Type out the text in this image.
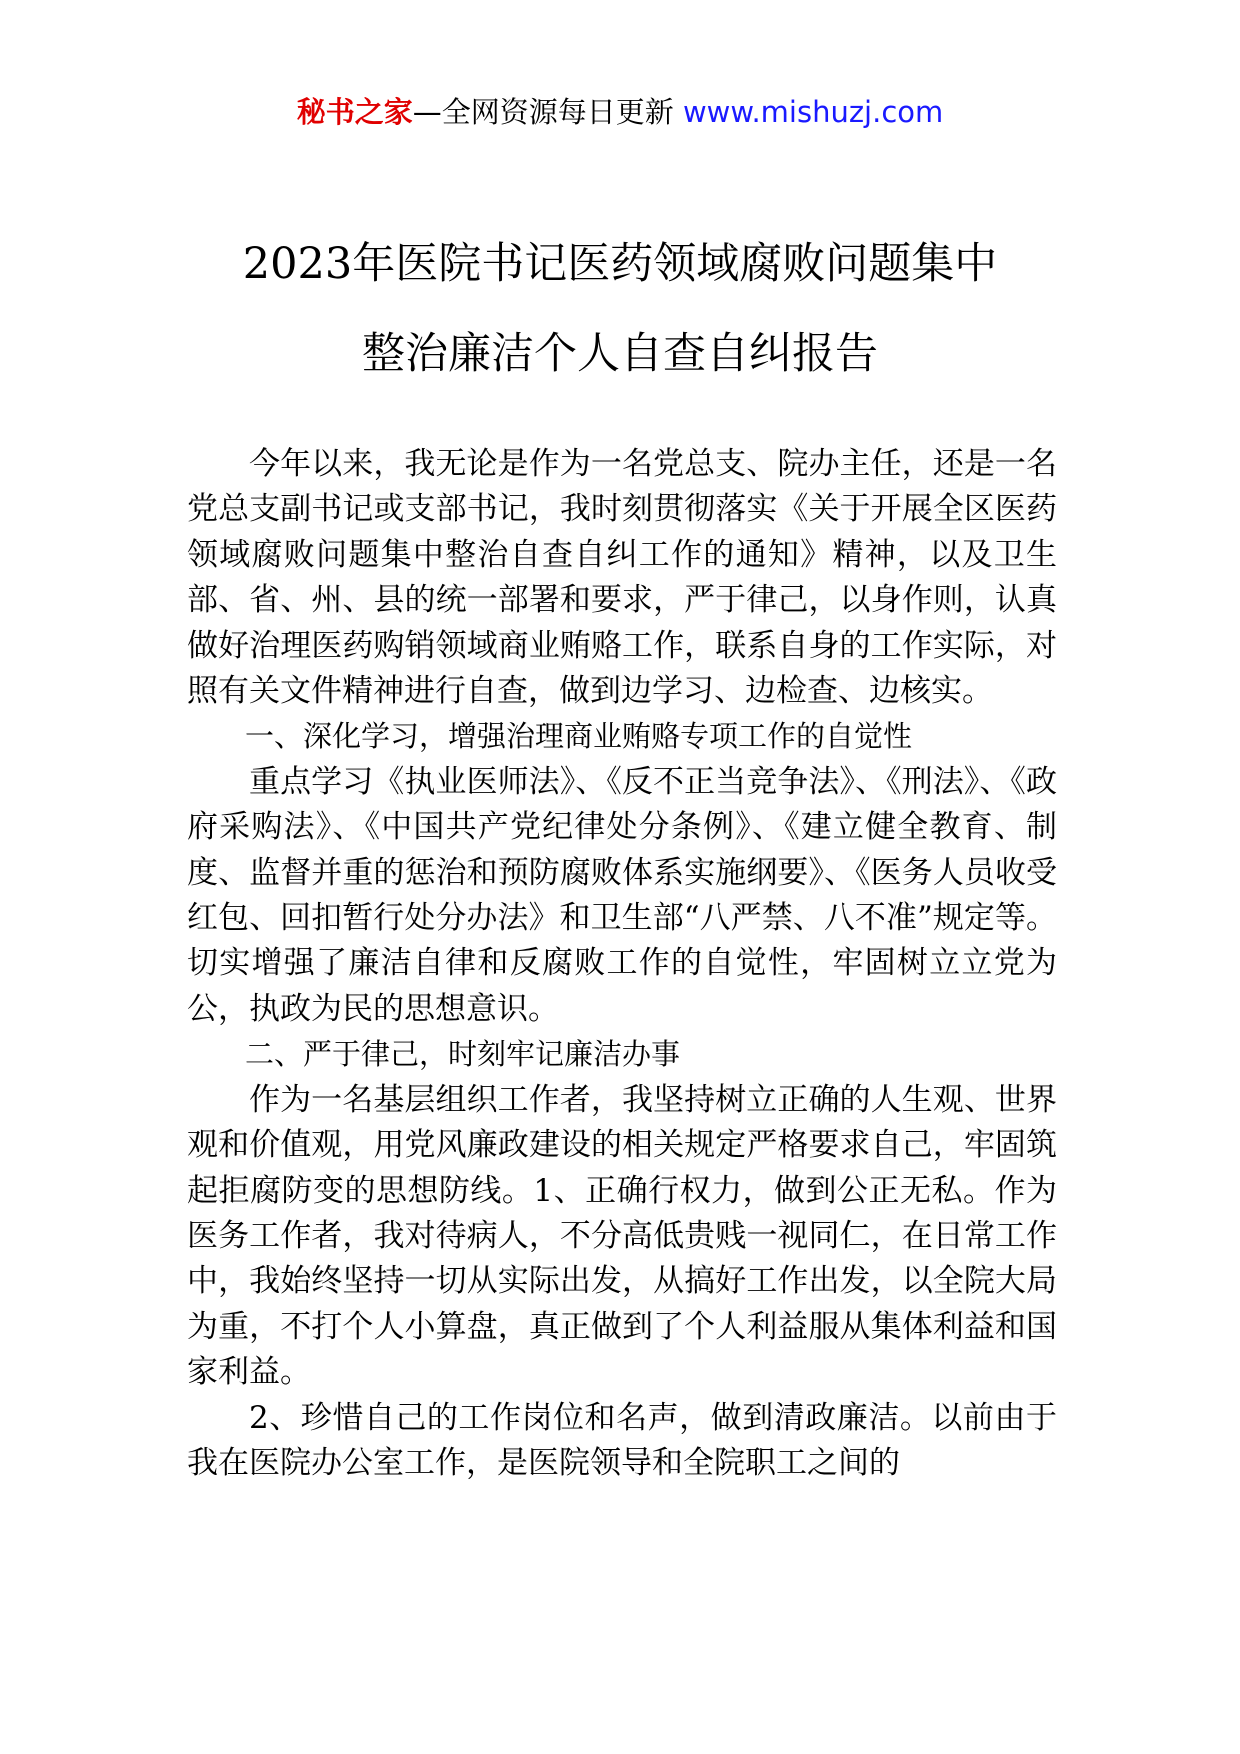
秘书之家—全网资源每日更新 www.mishuzj.com
2023年医院书记医药领域腐败问题集中
整治廉洁个人自查自纠报告

今年以来，我无论是作为一名党总支、院办主任，还是一名党总支副书记或支部书记，我时刻贯彻落实《关于开展全区医药领域腐败问题集中整治自查自纠工作的通知》精神，以及卫生部、省、州、县的统一部署和要求，严于律己，以身作则，认真做好治理医药购销领域商业贿赂工作，联系自身的工作实际，对照有关文件精神进行自查，做到边学习、边检查、边核实。

一、深化学习，增强治理商业贿赂专项工作的自觉性

重点学习《执业医师法》、《反不正当竞争法》、《刑法》、《政府采购法》、《中国共产党纪律处分条例》、《建立健全教育、制度、监督并重的惩治和预防腐败体系实施纲要》、《医务人员收受红包、回扣暂行处分办法》和卫生部“八严禁、八不准”规定等。切实增强了廉洁自律和反腐败工作的自觉性，牢固树立立党为公，执政为民的思想意识。

二、严于律己，时刻牢记廉洁办事

作为一名基层组织工作者，我坚持树立正确的人生观、世界观和价值观，用党风廉政建设的相关规定严格要求自己，牢固筑起拒腐防变的思想防线。1、正确行权力，做到公正无私。作为医务工作者，我对待病人，不分高低贵贱一视同仁，在日常工作中，我始终坚持一切从实际出发，从搞好工作出发，以全院大局为重，不打个人小算盘，真正做到了个人利益服从集体利益和国家利益。

2、珍惜自己的工作岗位和名声，做到清政廉洁。以前由于我在医院办公室工作，是医院领导和全院职工之间的
